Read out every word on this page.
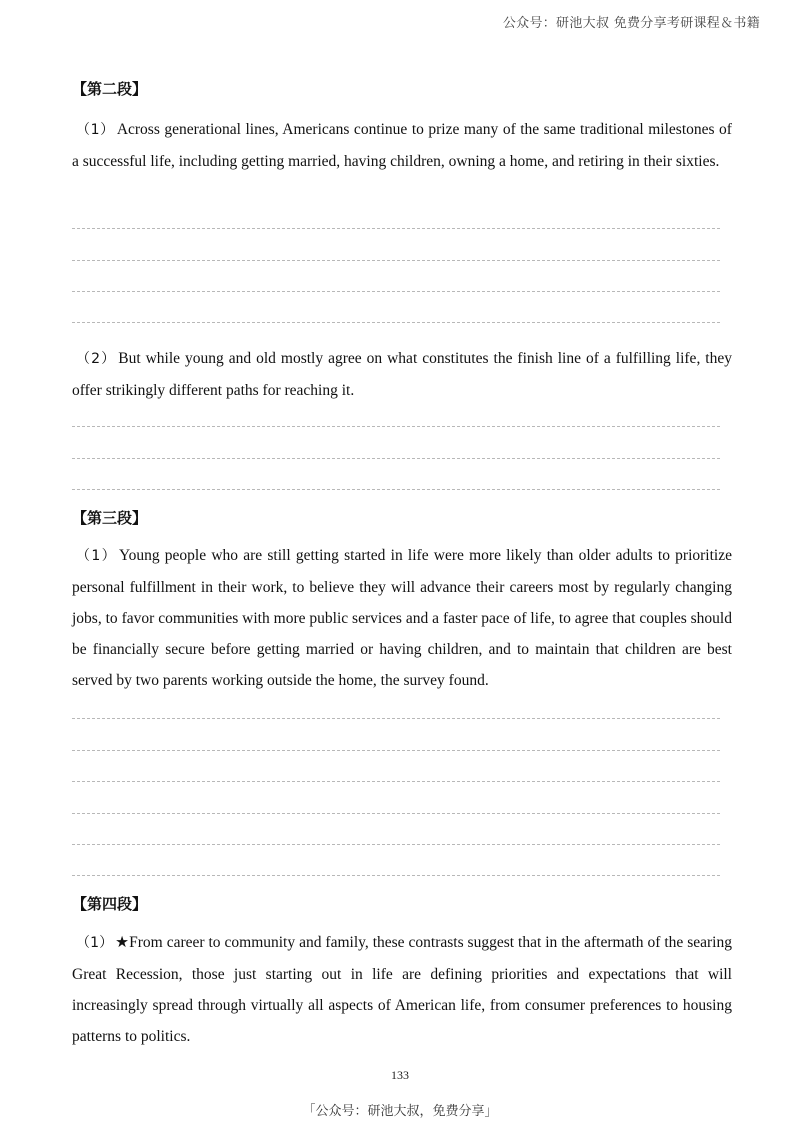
公众号：研池大叔 免费分享考研课程＆书籍
【第二段】
（1） Across generational lines, Americans continue to prize many of the same traditional milestones of a successful life, including getting married, having children, owning a home, and retiring in their sixties.
（2） But while young and old mostly agree on what constitutes the finish line of a fulfilling life, they offer strikingly different paths for reaching it.
【第三段】
（1） Young people who are still getting started in life were more likely than older adults to prioritize personal fulfillment in their work, to believe they will advance their careers most by regularly changing jobs, to favor communities with more public services and a faster pace of life, to agree that couples should be financially secure before getting married or having children, and to maintain that children are best served by two parents working outside the home, the survey found.
【第四段】
（1） ★From career to community and family, these contrasts suggest that in the aftermath of the searing Great Recession, those just starting out in life are defining priorities and expectations that will increasingly spread through virtually all aspects of American life, from consumer preferences to housing patterns to politics.
133
「公众号：研池大叔，免费分享」
